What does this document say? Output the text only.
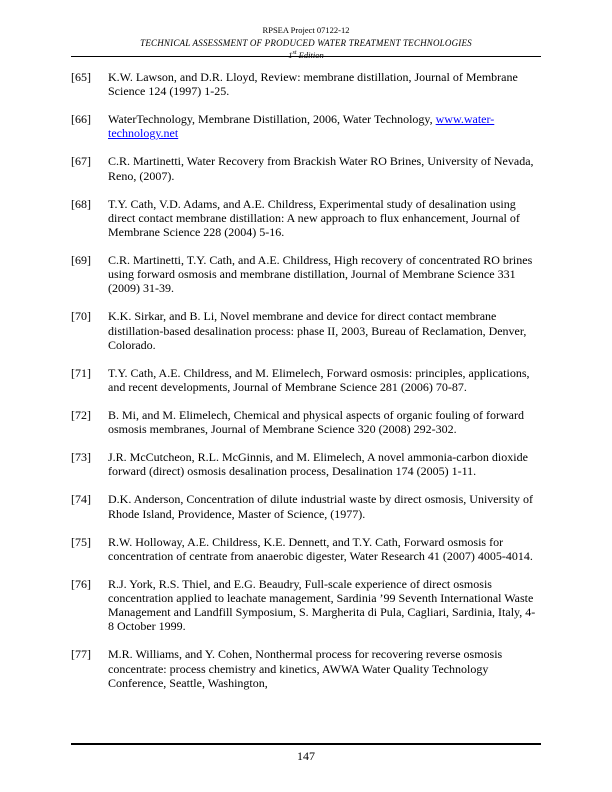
RPSEA Project 07122-12
TECHNICAL ASSESSMENT OF PRODUCED WATER TREATMENT TECHNOLOGIES
1st Edition
[65] K.W. Lawson, and D.R. Lloyd, Review: membrane distillation, Journal of Membrane Science 124 (1997) 1-25.
[66] WaterTechnology, Membrane Distillation, 2006, Water Technology, www.water-technology.net
[67] C.R. Martinetti, Water Recovery from Brackish Water RO Brines, University of Nevada, Reno, (2007).
[68] T.Y. Cath, V.D. Adams, and A.E. Childress, Experimental study of desalination using direct contact membrane distillation: A new approach to flux enhancement, Journal of Membrane Science 228 (2004) 5-16.
[69] C.R. Martinetti, T.Y. Cath, and A.E. Childress, High recovery of concentrated RO brines using forward osmosis and membrane distillation, Journal of Membrane Science 331 (2009) 31-39.
[70] K.K. Sirkar, and B. Li, Novel membrane and device for direct contact membrane distillation-based desalination process: phase II, 2003, Bureau of Reclamation, Denver, Colorado.
[71] T.Y. Cath, A.E. Childress, and M. Elimelech, Forward osmosis: principles, applications, and recent developments, Journal of Membrane Science 281 (2006) 70-87.
[72] B. Mi, and M. Elimelech, Chemical and physical aspects of organic fouling of forward osmosis membranes, Journal of Membrane Science 320 (2008) 292-302.
[73] J.R. McCutcheon, R.L. McGinnis, and M. Elimelech, A novel ammonia-carbon dioxide forward (direct) osmosis desalination process, Desalination 174 (2005) 1-11.
[74] D.K. Anderson, Concentration of dilute industrial waste by direct osmosis, University of Rhode Island, Providence, Master of Science, (1977).
[75] R.W. Holloway, A.E. Childress, K.E. Dennett, and T.Y. Cath, Forward osmosis for concentration of centrate from anaerobic digester, Water Research 41 (2007) 4005-4014.
[76] R.J. York, R.S. Thiel, and E.G. Beaudry, Full-scale experience of direct osmosis concentration applied to leachate management, Sardinia ’99 Seventh International Waste Management and Landfill Symposium, S. Margherita di Pula, Cagliari, Sardinia, Italy, 4-8 October 1999.
[77] M.R. Williams, and Y. Cohen, Nonthermal process for recovering reverse osmosis concentrate: process chemistry and kinetics, AWWA Water Quality Technology Conference, Seattle, Washington,
147
